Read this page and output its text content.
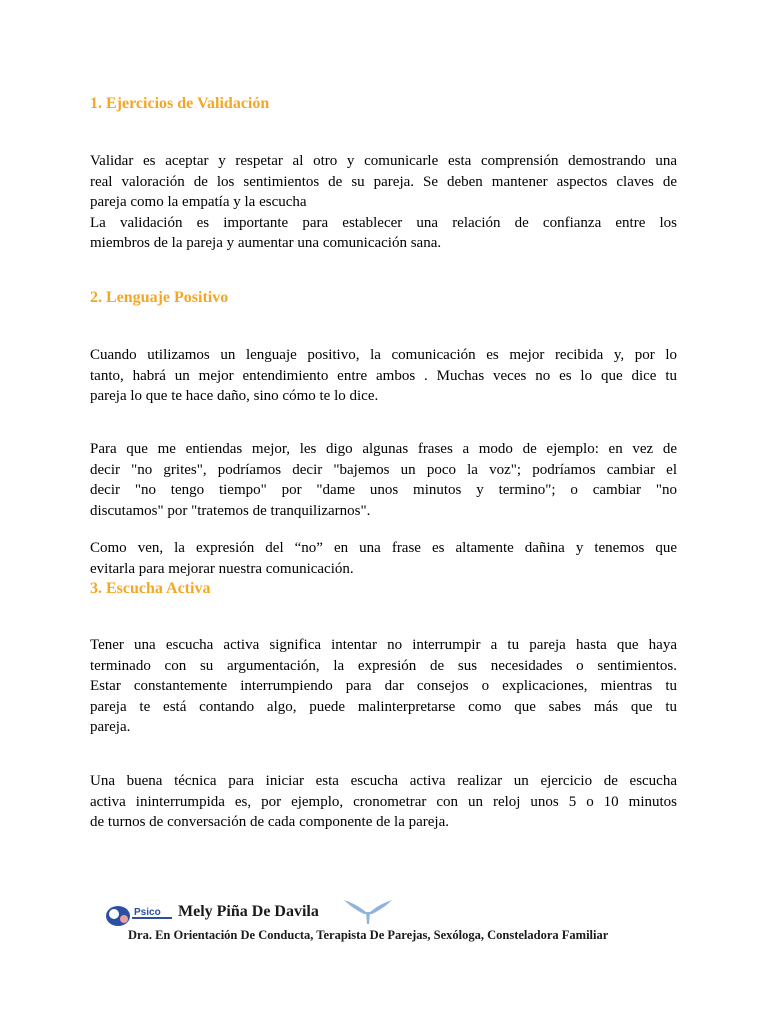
1. Ejercicios de Validación

Validar es aceptar y respetar al otro y comunicarle esta comprensión demostrando una
real valoración de los sentimientos de su pareja. Se deben mantener aspectos claves de
pareja como la empatía y la escucha
La validación es importante para establecer una relación de confianza entre los
miembros de la pareja y aumentar una comunicación sana.

2. Lenguaje Positivo

Cuando utilizamos un lenguaje positivo, la comunicación es mejor recibida y, por lo
tanto, habrá un mejor entendimiento entre ambos . Muchas veces no es lo que dice tu
pareja lo que te hace daño, sino cómo te lo dice.

Para que me entiendas mejor, les digo algunas frases a modo de ejemplo: en vez de
decir "no grites", podríamos decir "bajemos un poco la voz"; podríamos cambiar el
decir "no tengo tiempo" por "dame unos minutos y termino"; o cambiar "no
discutamos" por "tratemos de tranquilizarnos".

Como ven, la expresión del “no” en una frase es altamente dañina y tenemos que
evitarla para mejorar nuestra comunicación.

3. Escucha Activa

Tener una escucha activa significa intentar no interrumpir a tu pareja hasta que haya
terminado con su argumentación, la expresión de sus necesidades o sentimientos.
Estar constantemente interrumpiendo para dar consejos o explicaciones, mientras tu
pareja te está contando algo, puede malinterpretarse como que sabes más que tu
pareja.

Una buena técnica para iniciar esta escucha activa realizar un ejercicio de escucha
activa ininterrumpida es, por ejemplo, cronometrar con un reloj unos 5 o 10 minutos
de turnos de conversación de cada componente de la pareja.

Psico Mely Piña De Davila
Dra. En Orientación De Conducta, Terapista De Parejas, Sexóloga, Consteladora Familiar
